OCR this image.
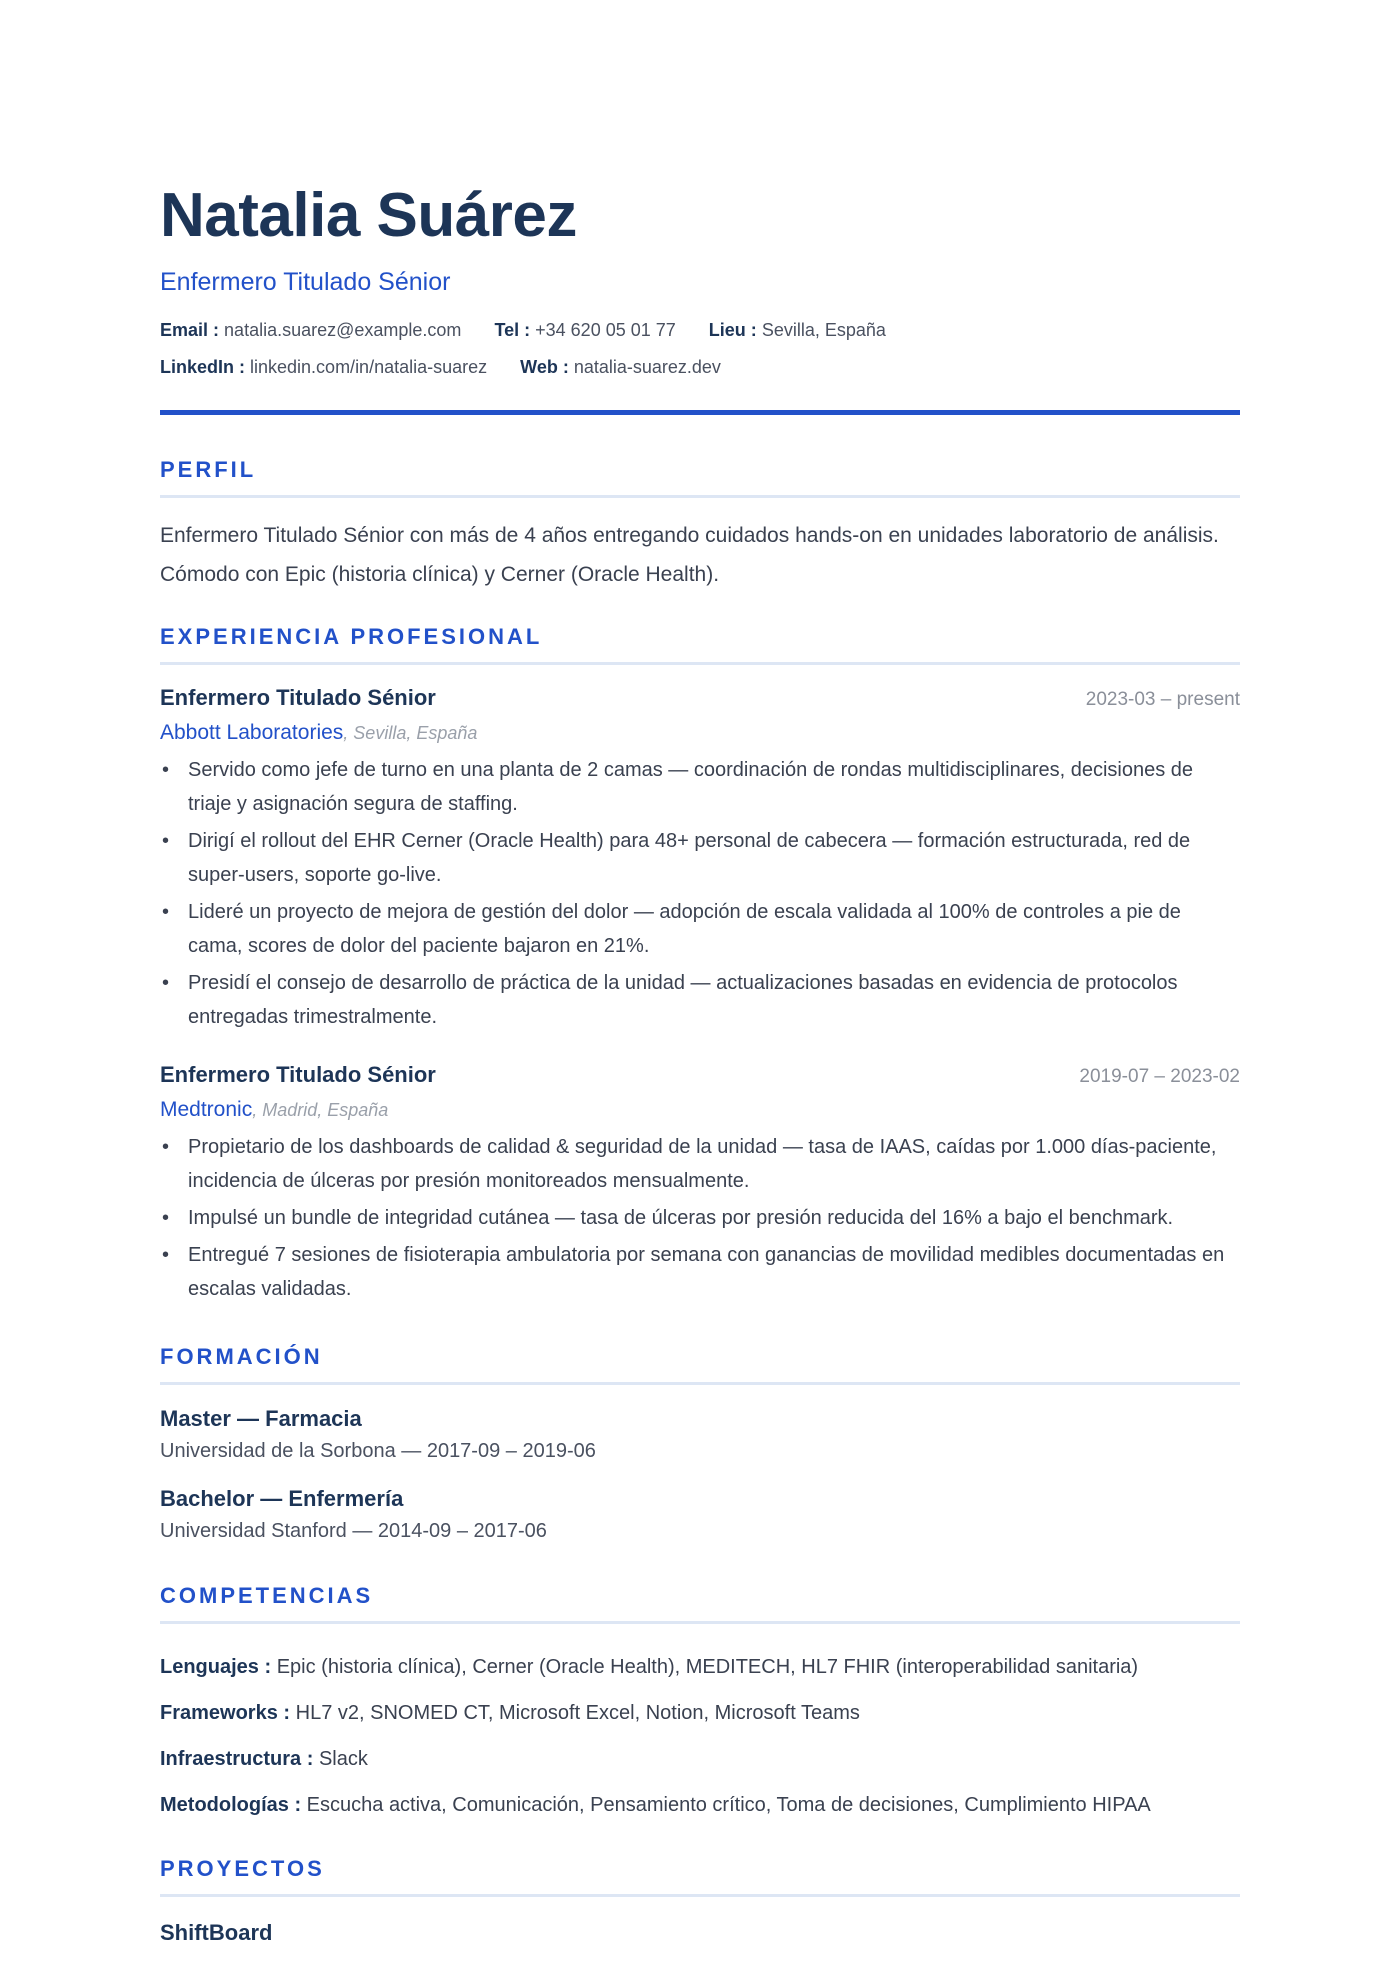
Natalia Suárez
Enfermero Titulado Sénior
Email : natalia.suarez@example.com Tel : +34 620 05 01 77 Lieu : Sevilla, España
LinkedIn : linkedin.com/in/natalia-suarez Web : natalia-suarez.dev
PERFIL
Enfermero Titulado Sénior con más de 4 años entregando cuidados hands-on en unidades laboratorio de análisis. Cómodo con Epic (historia clínica) y Cerner (Oracle Health).
EXPERIENCIA PROFESIONAL
Enfermero Titulado Sénior	2023-03 – present
Abbott Laboratories, Sevilla, España
• Servido como jefe de turno en una planta de 2 camas — coordinación de rondas multidisciplinares, decisiones de triaje y asignación segura de staffing.
• Dirigí el rollout del EHR Cerner (Oracle Health) para 48+ personal de cabecera — formación estructurada, red de super-users, soporte go-live.
• Lideré un proyecto de mejora de gestión del dolor — adopción de escala validada al 100% de controles a pie de cama, scores de dolor del paciente bajaron en 21%.
• Presidí el consejo de desarrollo de práctica de la unidad — actualizaciones basadas en evidencia de protocolos entregadas trimestralmente.
Enfermero Titulado Sénior	2019-07 – 2023-02
Medtronic, Madrid, España
• Propietario de los dashboards de calidad & seguridad de la unidad — tasa de IAAS, caídas por 1.000 días-paciente, incidencia de úlceras por presión monitoreados mensualmente.
• Impulsé un bundle de integridad cutánea — tasa de úlceras por presión reducida del 16% a bajo el benchmark.
• Entregué 7 sesiones de fisioterapia ambulatoria por semana con ganancias de movilidad medibles documentadas en escalas validadas.
FORMACIÓN
Master — Farmacia
Universidad de la Sorbona — 2017-09 – 2019-06
Bachelor — Enfermería
Universidad Stanford — 2014-09 – 2017-06
COMPETENCIAS
Lenguajes : Epic (historia clínica), Cerner (Oracle Health), MEDITECH, HL7 FHIR (interoperabilidad sanitaria)
Frameworks : HL7 v2, SNOMED CT, Microsoft Excel, Notion, Microsoft Teams
Infraestructura : Slack
Metodologías : Escucha activa, Comunicación, Pensamiento crítico, Toma de decisiones, Cumplimiento HIPAA
PROYECTOS
ShiftBoard
